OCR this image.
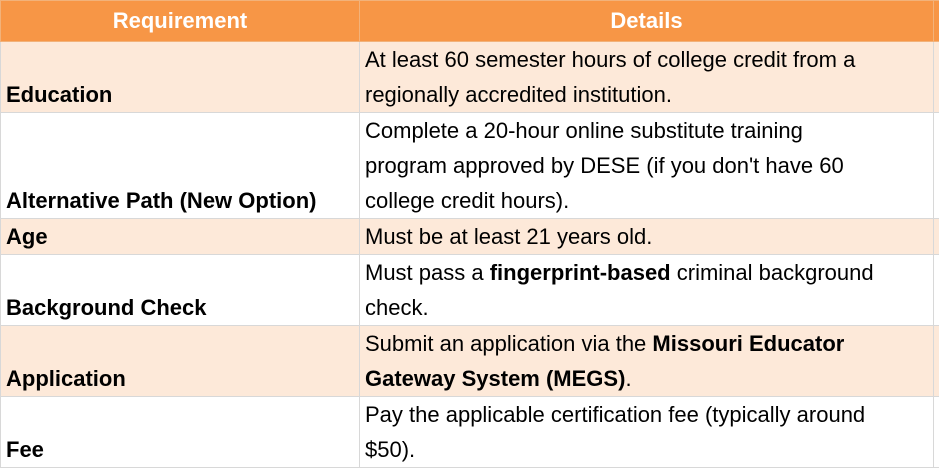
Requirement	Details	
Education	At least 60 semester hours of college credit from a
regionally accredited institution.	
Alternative Path (New Option)	Complete a 20-hour online substitute training
program approved by DESE (if you don't have 60
college credit hours).	
Age	Must be at least 21 years old.	
Background Check	Must pass a fingerprint-based criminal background
check.	
Application	Submit an application via the Missouri Educator
Gateway System (MEGS).	
Fee	Pay the applicable certification fee (typically around
$50).	
